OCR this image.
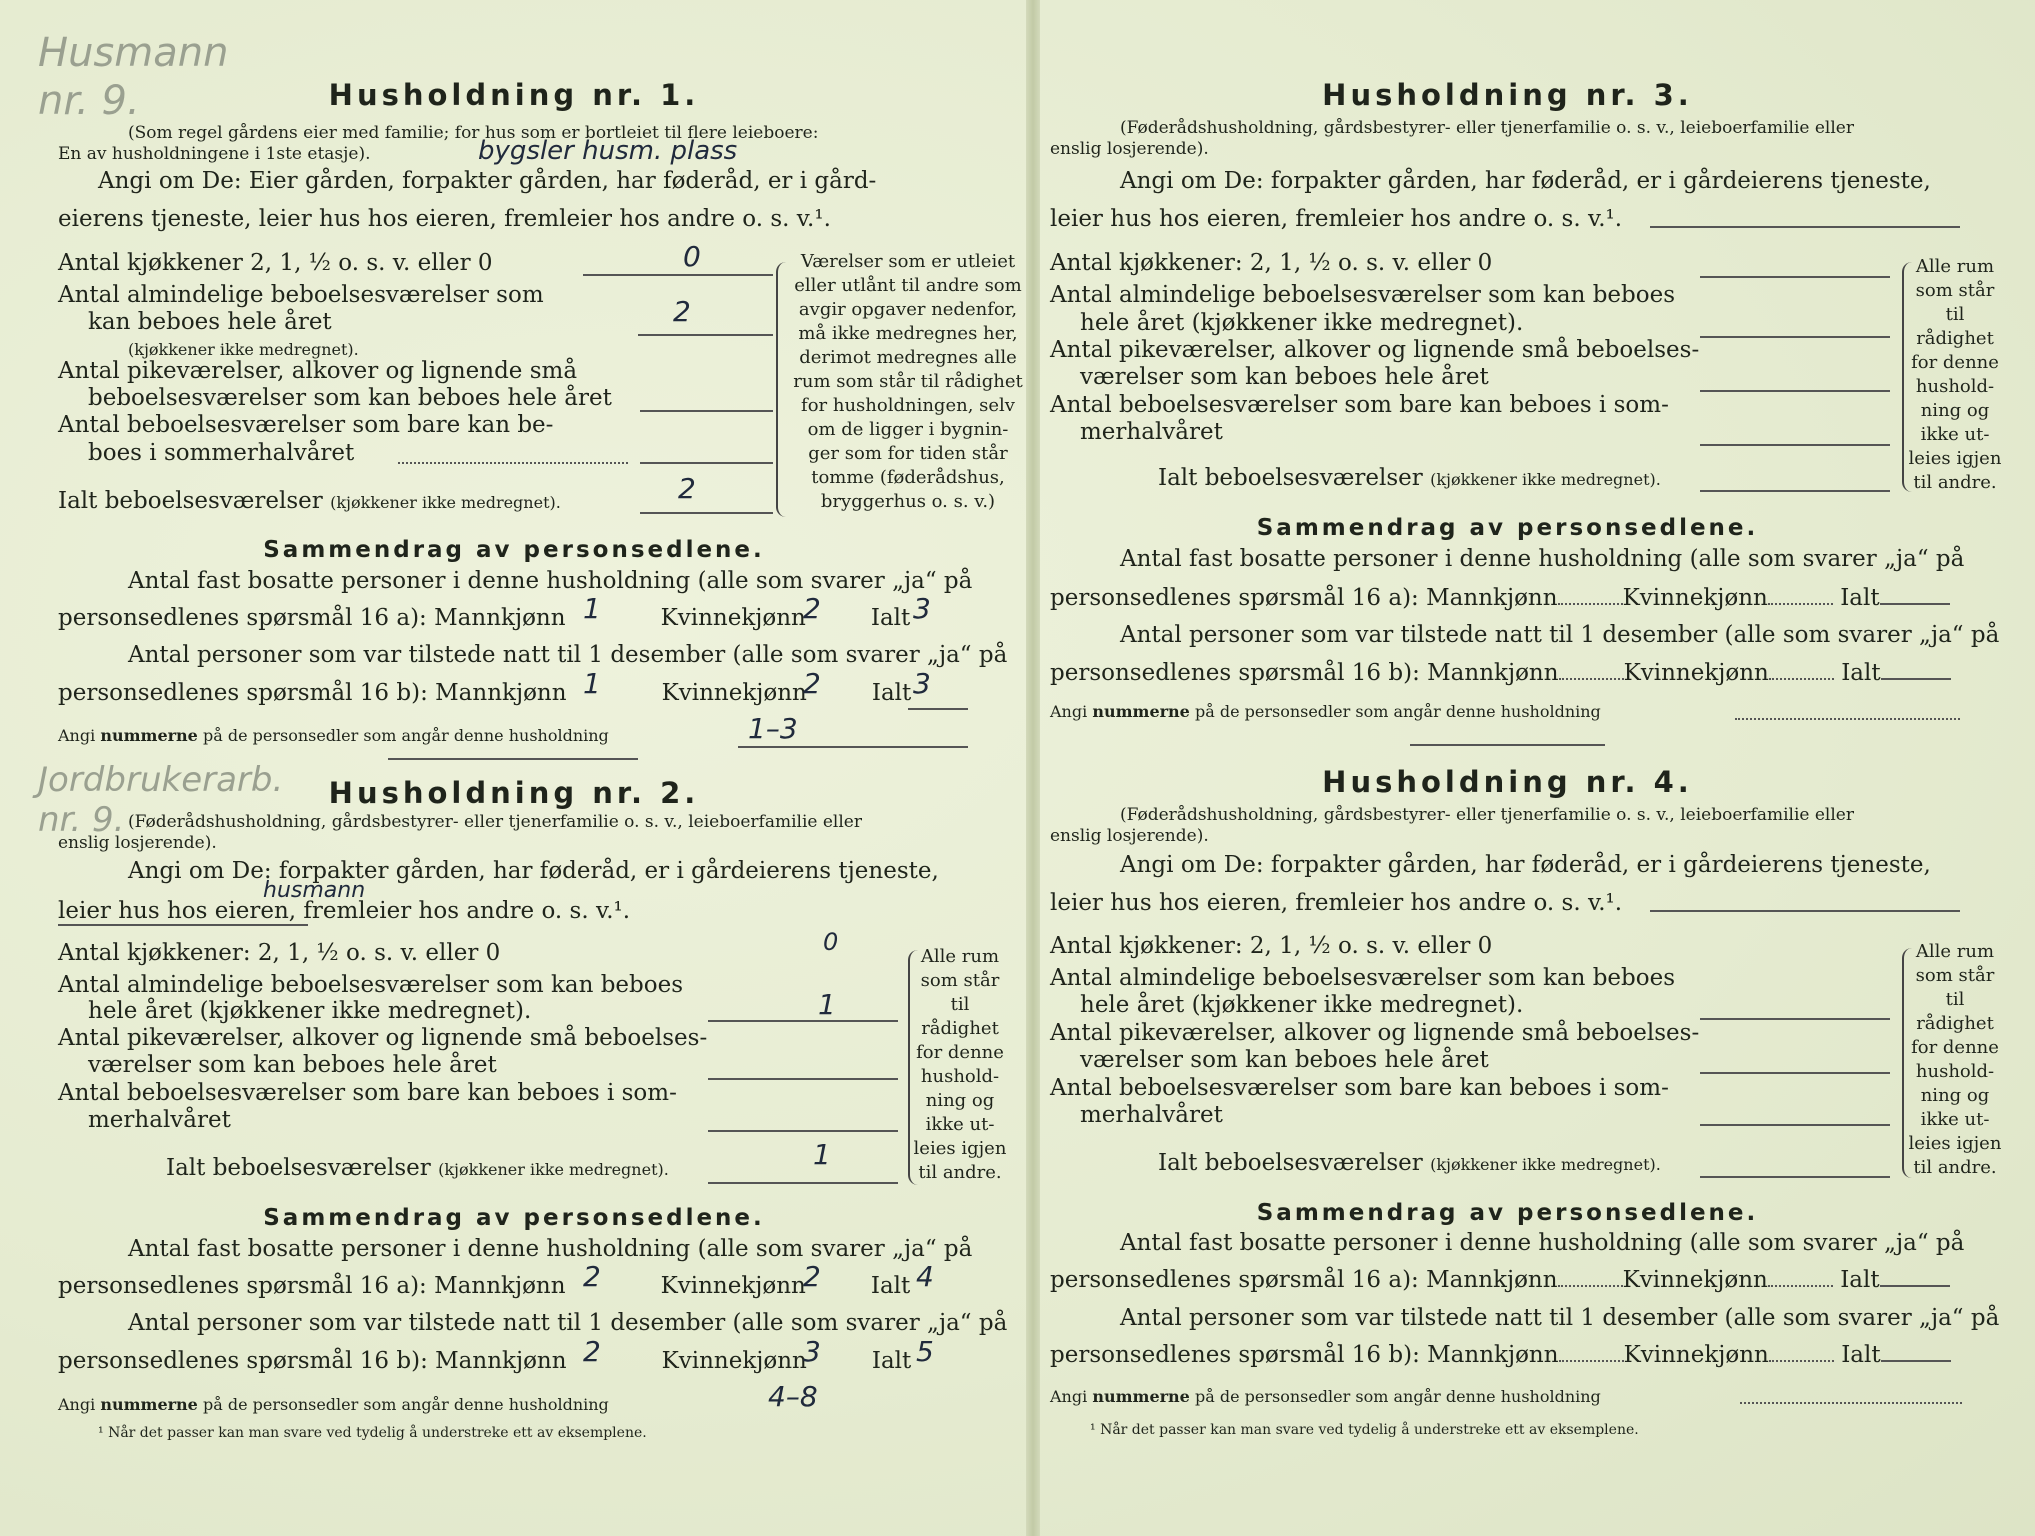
Husmann
nr. 9.	Husholdning nr. 1.
(Som regel gårdens eier med familie; for hus som er bortleiet til flere leieboere:
En av husholdningene i 1ste etasje).	bygsler husm. plass
Angi om De: Eier gården, forpakter gården, har føderåd, er i gård-
eierens tjeneste, leier hus hos eieren, fremleier hos andre o. s. v.¹.
Antal kjøkkener 2, 1, ½ o. s. v. eller 0	0
Antal almindelige beboelsesværelser som
kan beboes hele året
(kjøkkener ikke medregnet).
2
Antal pikeværelser, alkover og lignende små
beboelsesværelser som kan beboes hele året
Antal beboelsesværelser som bare kan be-
boes i sommerhalvåret
Ialt beboelsesværelser (kjøkkener ikke medregnet).	2
Værelser som er utleiet
eller utlånt til andre som
avgir opgaver nedenfor,
må ikke medregnes her,
derimot medregnes alle
rum som står til rådighet
for husholdningen, selv
om de ligger i bygnin-
ger som for tiden står
tomme (føderådshus,
bryggerhus o. s. v.)
Sammendrag av personsedlene.
Antal fast bosatte personer i denne husholdning (alle som svarer „ja“ på
personsedlenes spørsmål 16 a): Mannkjønn	Kvinnekjønn	Ialt
1	2	3
Antal personer som var tilstede natt til 1 desember (alle som svarer „ja“ på
personsedlenes spørsmål 16 b): Mannkjønn	Kvinnekjønn	Ialt
1	2	3
Angi nummerne på de personsedler som angår denne husholdning	1–3
Jordbrukerarb.
nr. 9.
Husholdning nr. 2.
(Føderådshusholdning, gårdsbestyrer- eller tjenerfamilie o. s. v., leieboerfamilie eller
enslig losjerende).
Angi om De: forpakter gården, har føderåd, er i gårdeierens tjeneste,
husmann
leier hus hos eieren, fremleier hos andre o. s. v.¹.
Antal kjøkkener: 2, 1, ½ o. s. v. eller 0	0
Antal almindelige beboelsesværelser som kan beboes
hele året (kjøkkener ikke medregnet).	1
Antal pikeværelser, alkover og lignende små beboelses-
værelser som kan beboes hele året
Antal beboelsesværelser som bare kan beboes i som-
merhalvåret
Ialt beboelsesværelser (kjøkkener ikke medregnet).	1
Alle rum
som står til
rådighet
for denne
hushold-
ning og
ikke ut-
leies igjen
til andre.
Sammendrag av personsedlene.
Antal fast bosatte personer i denne husholdning (alle som svarer „ja“ på
personsedlenes spørsmål 16 a): Mannkjønn	Kvinnekjønn	Ialt
2	2	4
Antal personer som var tilstede natt til 1 desember (alle som svarer „ja“ på
personsedlenes spørsmål 16 b): Mannkjønn	Kvinnekjønn	Ialt
2	3	5
Angi nummerne på de personsedler som angår denne husholdning	4–8
¹ Når det passer kan man svare ved tydelig å understreke ett av eksemplene.
Husholdning nr. 3.
(Føderådshusholdning, gårdsbestyrer- eller tjenerfamilie o. s. v., leieboerfamilie eller
enslig losjerende).
Angi om De: forpakter gården, har føderåd, er i gårdeierens tjeneste,
leier hus hos eieren, fremleier hos andre o. s. v.¹.
Antal kjøkkener: 2, 1, ½ o. s. v. eller 0
Antal almindelige beboelsesværelser som kan beboes
hele året (kjøkkener ikke medregnet).
Antal pikeværelser, alkover og lignende små beboelses-
værelser som kan beboes hele året
Antal beboelsesværelser som bare kan beboes i som-
merhalvåret
Ialt beboelsesværelser (kjøkkener ikke medregnet).
Alle rum
som står til
rådighet
for denne
hushold-
ning og
ikke ut-
leies igjen
til andre.
Sammendrag av personsedlene.
Antal fast bosatte personer i denne husholdning (alle som svarer „ja“ på
personsedlenes spørsmål 16 a): Mannkjønn	Kvinnekjønn	Ialt
Antal personer som var tilstede natt til 1 desember (alle som svarer „ja“ på
personsedlenes spørsmål 16 b): Mannkjønn	Kvinnekjønn	Ialt
Angi nummerne på de personsedler som angår denne husholdning
Husholdning nr. 4.
(Føderådshusholdning, gårdsbestyrer- eller tjenerfamilie o. s. v., leieboerfamilie eller
enslig losjerende).
Angi om De: forpakter gården, har føderåd, er i gårdeierens tjeneste,
leier hus hos eieren, fremleier hos andre o. s. v.¹.
Antal kjøkkener: 2, 1, ½ o. s. v. eller 0
Antal almindelige beboelsesværelser som kan beboes
hele året (kjøkkener ikke medregnet).
Antal pikeværelser, alkover og lignende små beboelses-
værelser som kan beboes hele året
Antal beboelsesværelser som bare kan beboes i som-
merhalvåret
Ialt beboelsesværelser (kjøkkener ikke medregnet).
Alle rum
som står til
rådighet
for denne
hushold-
ning og
ikke ut-
leies igjen
til andre.
Sammendrag av personsedlene.
Antal fast bosatte personer i denne husholdning (alle som svarer „ja“ på
personsedlenes spørsmål 16 a): Mannkjønn	Kvinnekjønn	Ialt
Antal personer som var tilstede natt til 1 desember (alle som svarer „ja“ på
personsedlenes spørsmål 16 b): Mannkjønn	Kvinnekjønn	Ialt
Angi nummerne på de personsedler som angår denne husholdning
¹ Når det passer kan man svare ved tydelig å understreke ett av eksemplene.
